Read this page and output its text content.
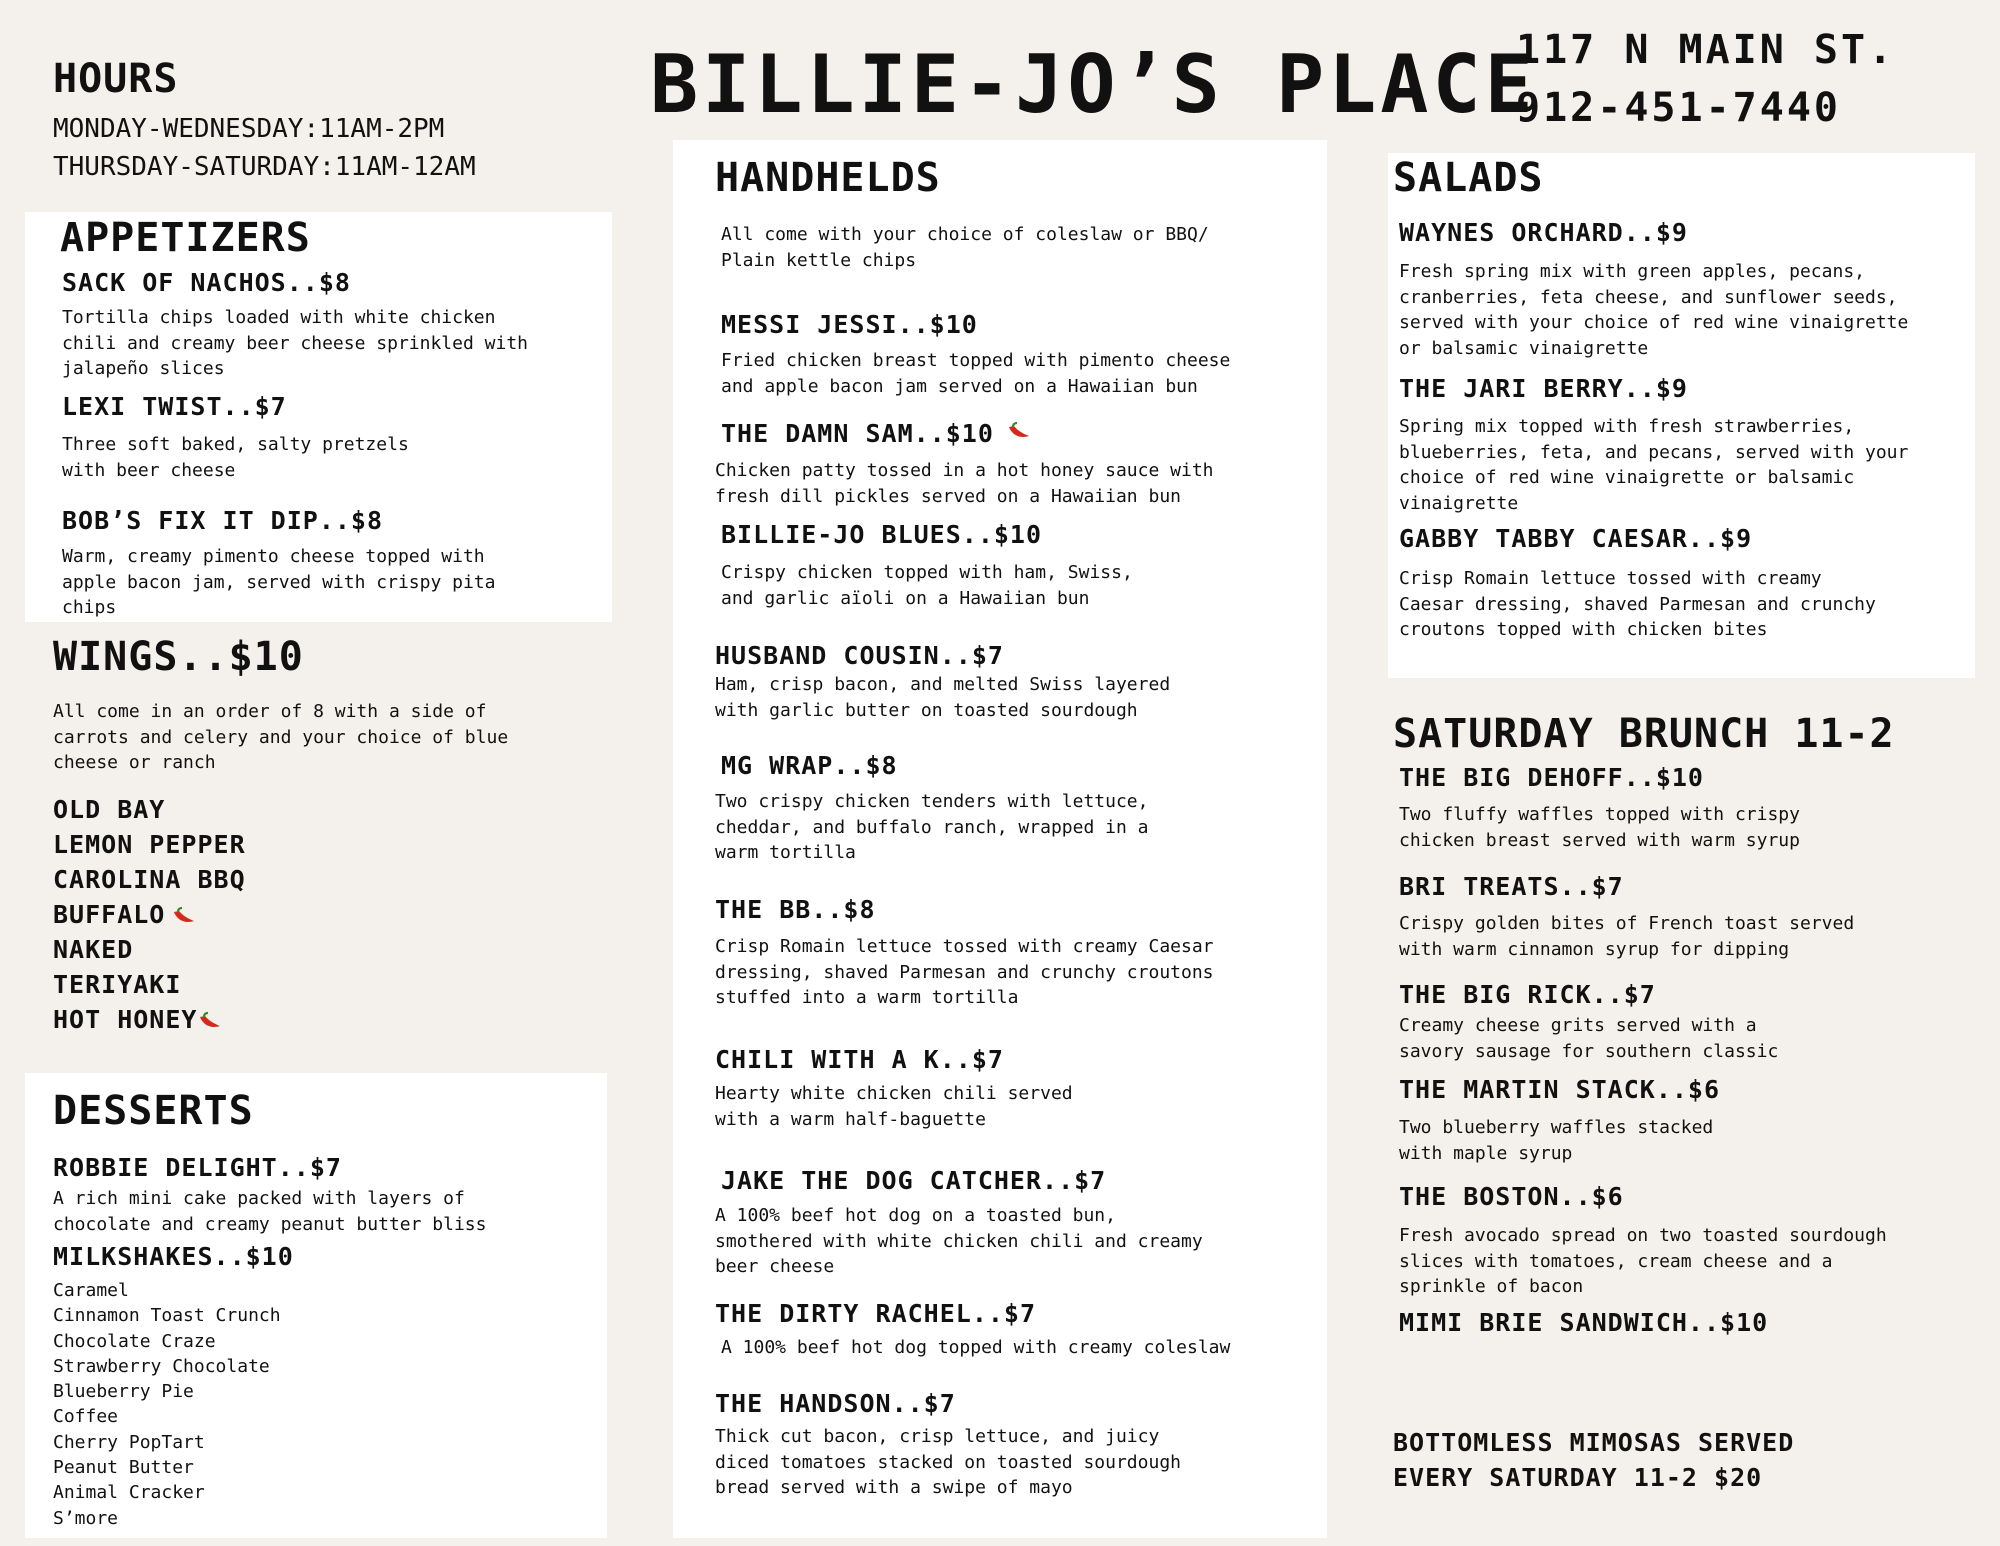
BILLIE-JO’S PLACE
117 N MAIN ST.
912-451-7440
HOURS
MONDAY-WEDNESDAY:11AM-2PM
THURSDAY-SATURDAY:11AM-12AM
APPETIZERS
SACK OF NACHOS..$8
Tortilla chips loaded with white chicken
chili and creamy beer cheese sprinkled with
jalapeño slices
LEXI TWIST..$7
Three soft baked, salty pretzels
with beer cheese
BOB’S FIX IT DIP..$8
Warm, creamy pimento cheese topped with
apple bacon jam, served with crispy pita
chips
WINGS..$10
All come in an order of 8 with a side of
carrots and celery and your choice of blue
cheese or ranch
OLD BAY
LEMON PEPPER
CAROLINA BBQ
BUFFALO
NAKED
TERIYAKI
HOT HONEY
DESSERTS
ROBBIE DELIGHT..$7
A rich mini cake packed with layers of
chocolate and creamy peanut butter bliss
MILKSHAKES..$10
Caramel
Cinnamon Toast Crunch
Chocolate Craze
Strawberry Chocolate
Blueberry Pie
Coffee
Cherry PopTart
Peanut Butter
Animal Cracker
S’more
HANDHELDS
All come with your choice of coleslaw or BBQ/
Plain kettle chips
MESSI JESSI..$10
Fried chicken breast topped with pimento cheese
and apple bacon jam served on a Hawaiian bun
THE DAMN SAM..$10
Chicken patty tossed in a hot honey sauce with
fresh dill pickles served on a Hawaiian bun
BILLIE-JO BLUES..$10
Crispy chicken topped with ham, Swiss,
and garlic aïoli on a Hawaiian bun
HUSBAND COUSIN..$7
Ham, crisp bacon, and melted Swiss layered
with garlic butter on toasted sourdough
MG WRAP..$8
Two crispy chicken tenders with lettuce,
cheddar, and buffalo ranch, wrapped in a
warm tortilla
THE BB..$8
Crisp Romain lettuce tossed with creamy Caesar
dressing, shaved Parmesan and crunchy croutons
stuffed into a warm tortilla
CHILI WITH A K..$7
Hearty white chicken chili served
with a warm half-baguette
JAKE THE DOG CATCHER..$7
A 100% beef hot dog on a toasted bun,
smothered with white chicken chili and creamy
beer cheese
THE DIRTY RACHEL..$7
A 100% beef hot dog topped with creamy coleslaw
THE HANDSON..$7
Thick cut bacon, crisp lettuce, and juicy
diced tomatoes stacked on toasted sourdough
bread served with a swipe of mayo
SALADS
WAYNES ORCHARD..$9
Fresh spring mix with green apples, pecans,
cranberries, feta cheese, and sunflower seeds,
served with your choice of red wine vinaigrette
or balsamic vinaigrette
THE JARI BERRY..$9
Spring mix topped with fresh strawberries,
blueberries, feta, and pecans, served with your
choice of red wine vinaigrette or balsamic
vinaigrette
GABBY TABBY CAESAR..$9
Crisp Romain lettuce tossed with creamy
Caesar dressing, shaved Parmesan and crunchy
croutons topped with chicken bites
SATURDAY BRUNCH 11-2
THE BIG DEHOFF..$10
Two fluffy waffles topped with crispy
chicken breast served with warm syrup
BRI TREATS..$7
Crispy golden bites of French toast served
with warm cinnamon syrup for dipping
THE BIG RICK..$7
Creamy cheese grits served with a
savory sausage for southern classic
THE MARTIN STACK..$6
Two blueberry waffles stacked
with maple syrup
THE BOSTON..$6
Fresh avocado spread on two toasted sourdough
slices with tomatoes, cream cheese and a
sprinkle of bacon
MIMI BRIE SANDWICH..$10
BOTTOMLESS MIMOSAS SERVED
EVERY SATURDAY 11-2 $20
